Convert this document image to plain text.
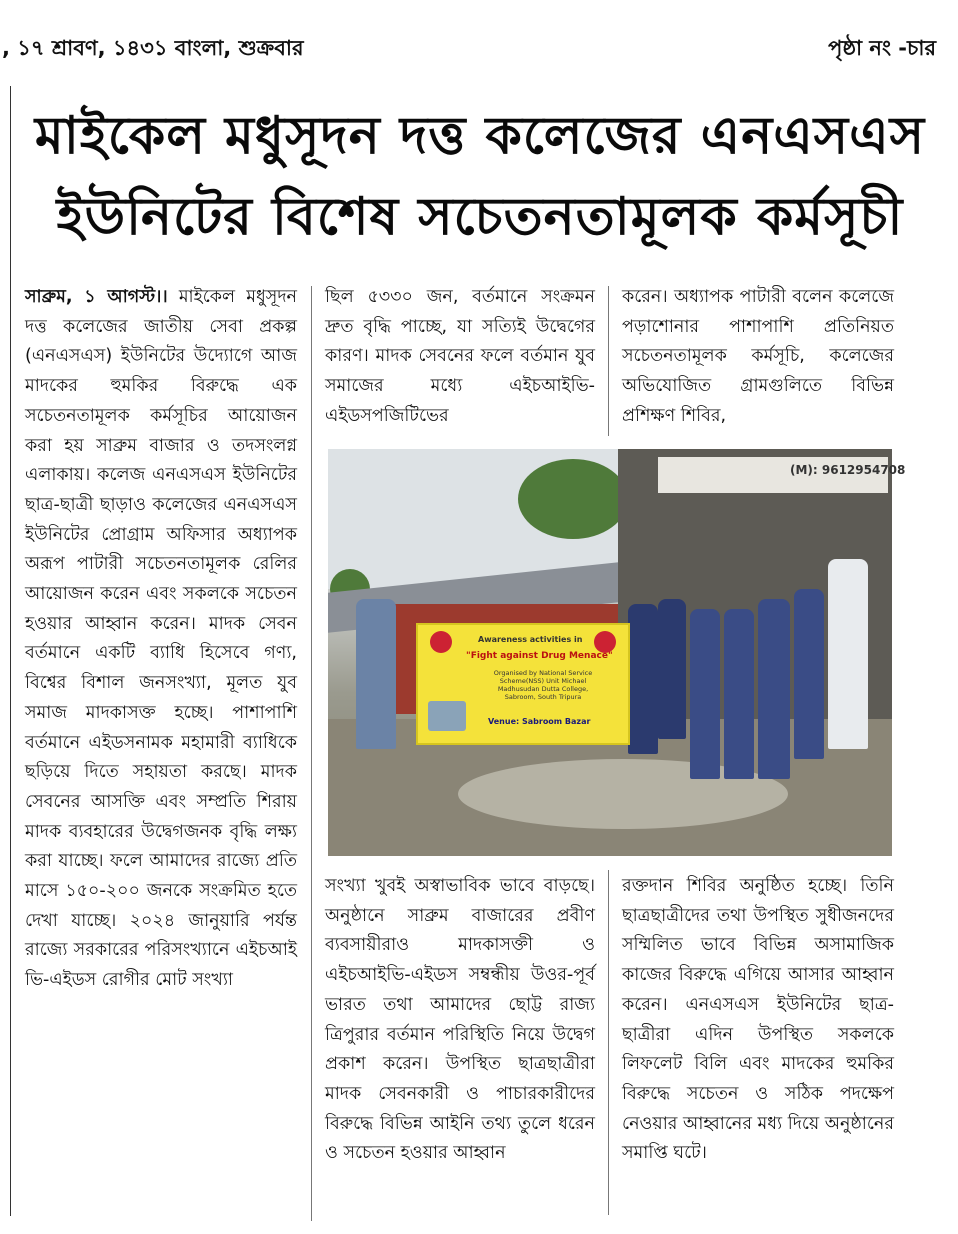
, ১৭ শ্রাবণ, ১৪৩১ বাংলা, শুক্রবার	পৃষ্ঠা নং -চার
মাইকেল মধুসূদন দত্ত কলেজের এনএসএস
ইউনিটের বিশেষ সচেতনতামূলক কর্মসূচী

সাব্রুম, ১ আগস্ট।। মাইকেল মধুসূদন দত্ত কলেজের জাতীয় সেবা প্রকল্প (এনএসএস) ইউনিটের উদ্যোগে আজ মাদকের হুমকির বিরুদ্ধে এক সচেতনতামূলক কর্মসূচির আয়োজন করা হয় সাব্রুম বাজার ও তদসংলগ্ন এলাকায়। কলেজ এনএসএস ইউনিটের ছাত্র-ছাত্রী ছাড়াও কলেজের এনএসএস ইউনিটের প্রোগ্রাম অফিসার অধ্যাপক অরূপ পাটারী সচেতনতামূলক রেলির আয়োজন করেন এবং সকলকে সচেতন হওয়ার আহ্বান করেন। মাদক সেবন বর্তমানে একটি ব্যাধি হিসেবে গণ্য, বিশ্বের বিশাল জনসংখ্যা, মূলত যুব সমাজ মাদকাসক্ত হচ্ছে। পাশাপাশি বর্তমানে এইডসনামক মহামারী ব্যাধিকে ছড়িয়ে দিতে সহায়তা করছে। মাদক সেবনের আসক্তি এবং সম্প্রতি শিরায় মাদক ব্যবহারের উদ্বেগজনক বৃদ্ধি লক্ষ্য করা যাচ্ছে। ফলে আমাদের রাজ্যে প্রতি মাসে ১৫০-২০০ জনকে সংক্রমিত হতে দেখা যাচ্ছে। ২০২৪ জানুয়ারি পর্যন্ত রাজ্যে সরকারের পরিসংখ্যানে এইচআই ভি-এইডস রোগীর মোট সংখ্যা

ছিল ৫৩৩০ জন, বর্তমানে সংক্রমন দ্রুত বৃদ্ধি পাচ্ছে, যা সত্যিই উদ্বেগের কারণ। মাদক সেবনের ফলে বর্তমান যুব সমাজের মধ্যে এইচআইভি-এইডসপজিটিভের

করেন। অধ্যাপক পাটারী বলেন কলেজে পড়াশোনার পাশাপাশি প্রতিনিয়ত সচেতনতামূলক কর্মসূচি, কলেজের অভিযোজিত গ্রামগুলিতে বিভিন্ন প্রশিক্ষণ শিবির,

(M): 9612954708
Awareness activities in
"Fight against Drug Menace"
Organised by National Service Scheme(NSS) Unit Michael Madhusudan Dutta College, Sabroom, South Tripura
Venue: Sabroom Bazar

সংখ্যা খুবই অস্বাভাবিক ভাবে বাড়ছে। অনুষ্ঠানে সাব্রুম বাজারের প্রবীণ ব্যবসায়ীরাও মাদকাসক্তী ও এইচআইভি-এইডস সম্বন্ধীয় উওর-পূর্ব ভারত তথা আমাদের ছোট্ট রাজ্য ত্রিপুরার বর্তমান পরিস্থিতি নিয়ে উদ্বেগ প্রকাশ করেন। উপস্থিত ছাত্রছাত্রীরা মাদক সেবনকারী ও পাচারকারীদের বিরুদ্ধে বিভিন্ন আইনি তথ্য তুলে ধরেন ও সচেতন হওয়ার আহ্বান

রক্তদান শিবির অনুষ্ঠিত হচ্ছে। তিনি ছাত্রছাত্রীদের তথা উপস্থিত সুধীজনদের সম্মিলিত ভাবে বিভিন্ন অসামাজিক কাজের বিরুদ্ধে এগিয়ে আসার আহ্বান করেন। এনএসএস ইউনিটের ছাত্র-ছাত্রীরা এদিন উপস্থিত সকলকে লিফলেট বিলি এবং মাদকের হুমকির বিরুদ্ধে সচেতন ও সঠিক পদক্ষেপ নেওয়ার আহ্বানের মধ্য দিয়ে অনুষ্ঠানের সমাপ্তি ঘটে।
